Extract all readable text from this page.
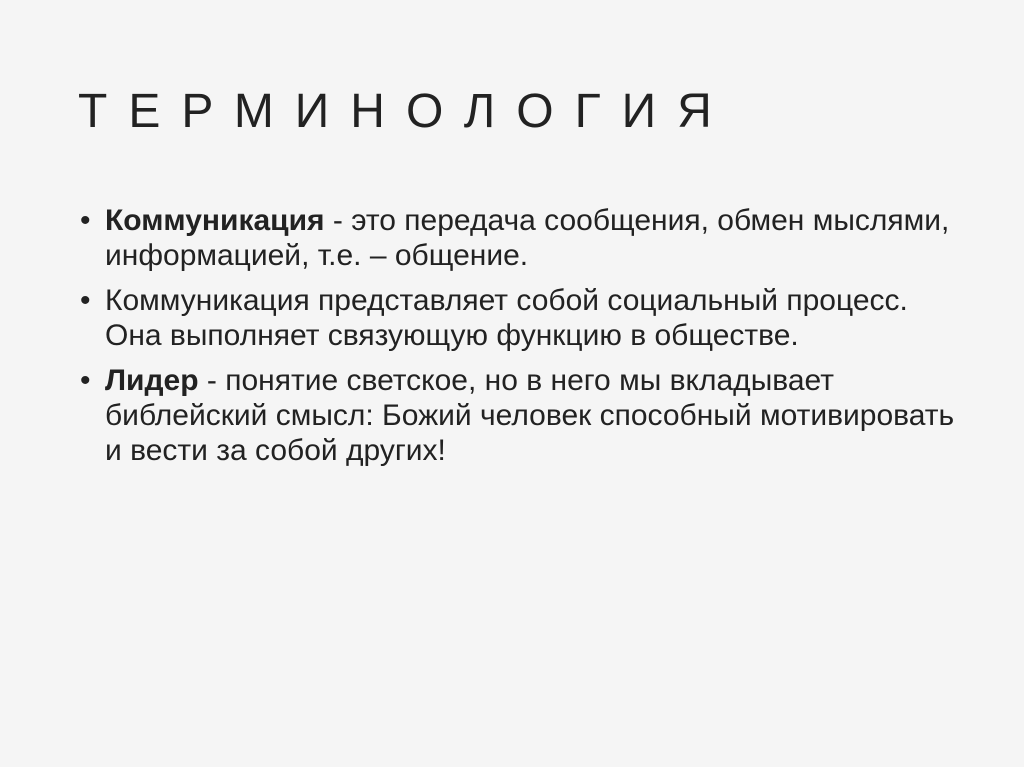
ТЕРМИНОЛОГИЯ
• Коммуникация - это передача сообщения, обмен мыслями, информацией, т.е. – общение.
• Коммуникация представляет собой социальный процесс. Она выполняет связующую функцию в обществе.
• Лидер - понятие светское, но в него мы вкладывает библейский смысл: Божий человек способный мотивировать и вести за собой других!
